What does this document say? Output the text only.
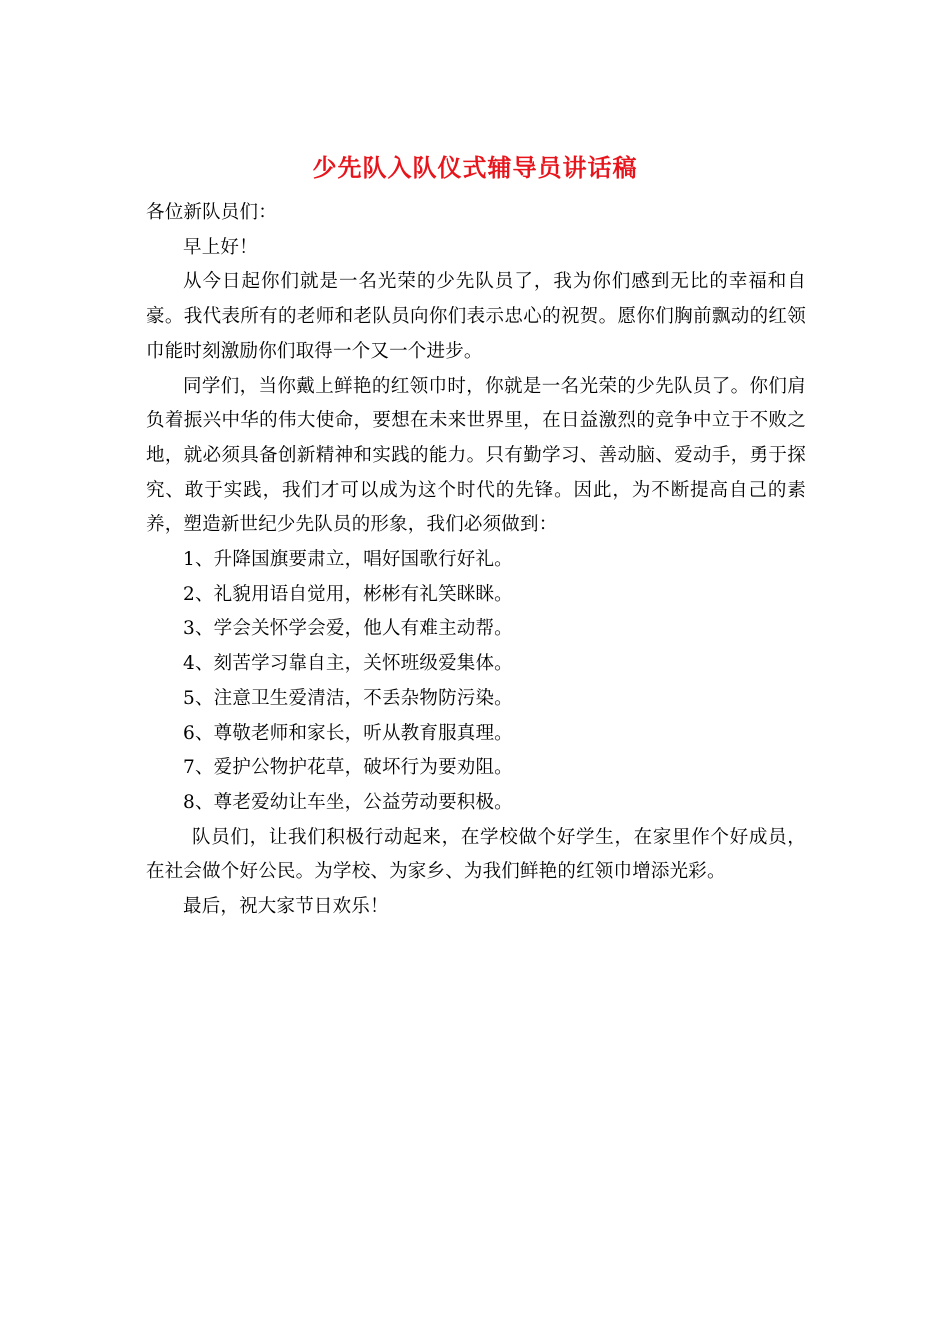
少先队入队仪式辅导员讲话稿

各位新队员们：

早上好！

从今日起你们就是一名光荣的少先队员了，我为你们感到无比的幸福和自豪。我代表所有的老师和老队员向你们表示忠心的祝贺。愿你们胸前飘动的红领巾能时刻激励你们取得一个又一个进步。

同学们，当你戴上鲜艳的红领巾时，你就是一名光荣的少先队员了。你们肩负着振兴中华的伟大使命，要想在未来世界里，在日益激烈的竞争中立于不败之地，就必须具备创新精神和实践的能力。只有勤学习、善动脑、爱动手，勇于探究、敢于实践，我们才可以成为这个时代的先锋。因此，为不断提高自己的素养，塑造新世纪少先队员的形象，我们必须做到：

1、升降国旗要肃立，唱好国歌行好礼。

2、礼貌用语自觉用，彬彬有礼笑眯眯。

3、学会关怀学会爱，他人有难主动帮。

4、刻苦学习靠自主，关怀班级爱集体。

5、注意卫生爱清洁，不丢杂物防污染。

6、尊敬老师和家长，听从教育服真理。

7、爱护公物护花草，破坏行为要劝阻。

8、尊老爱幼让车坐，公益劳动要积极。

队员们，让我们积极行动起来，在学校做个好学生，在家里作个好成员，在社会做个好公民。为学校、为家乡、为我们鲜艳的红领巾增添光彩。

最后，祝大家节日欢乐！
